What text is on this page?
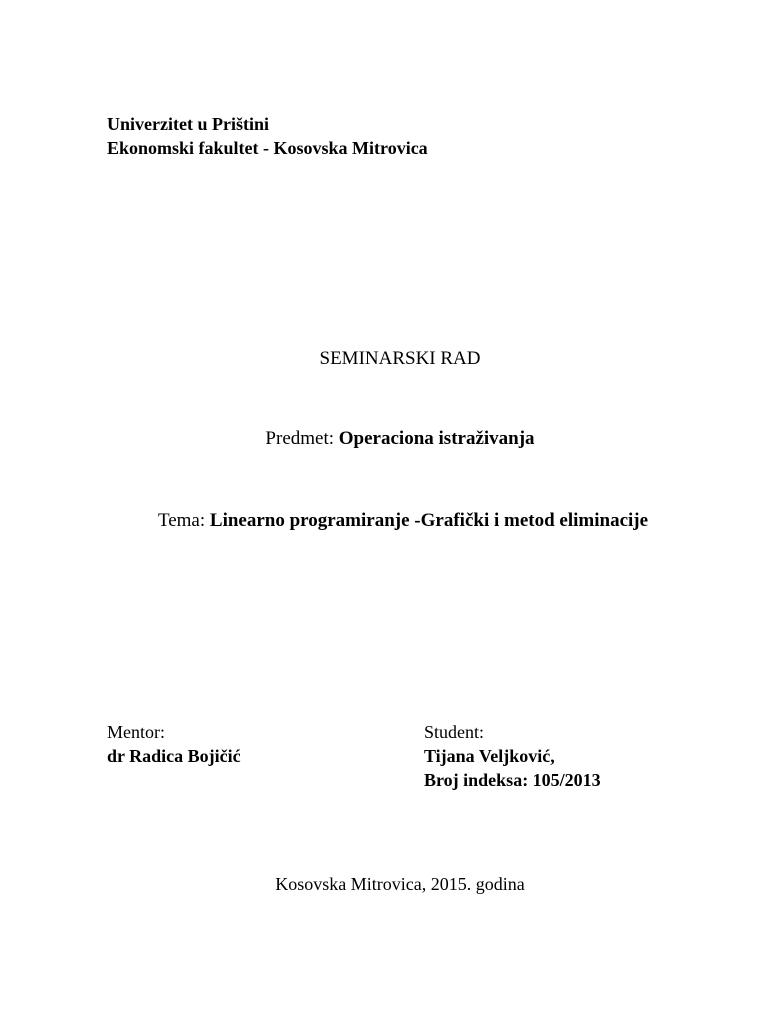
Univerzitet u Prištini
Ekonomski fakultet - Kosovska Mitrovica
SEMINARSKI RAD
Predmet: Operaciona istraživanja
Tema: Linearno programiranje -Grafički i metod eliminacije
Mentor:
dr Radica Bojičić
Student:
Tijana Veljković,
Broj indeksa: 105/2013
Kosovska Mitrovica, 2015. godina
